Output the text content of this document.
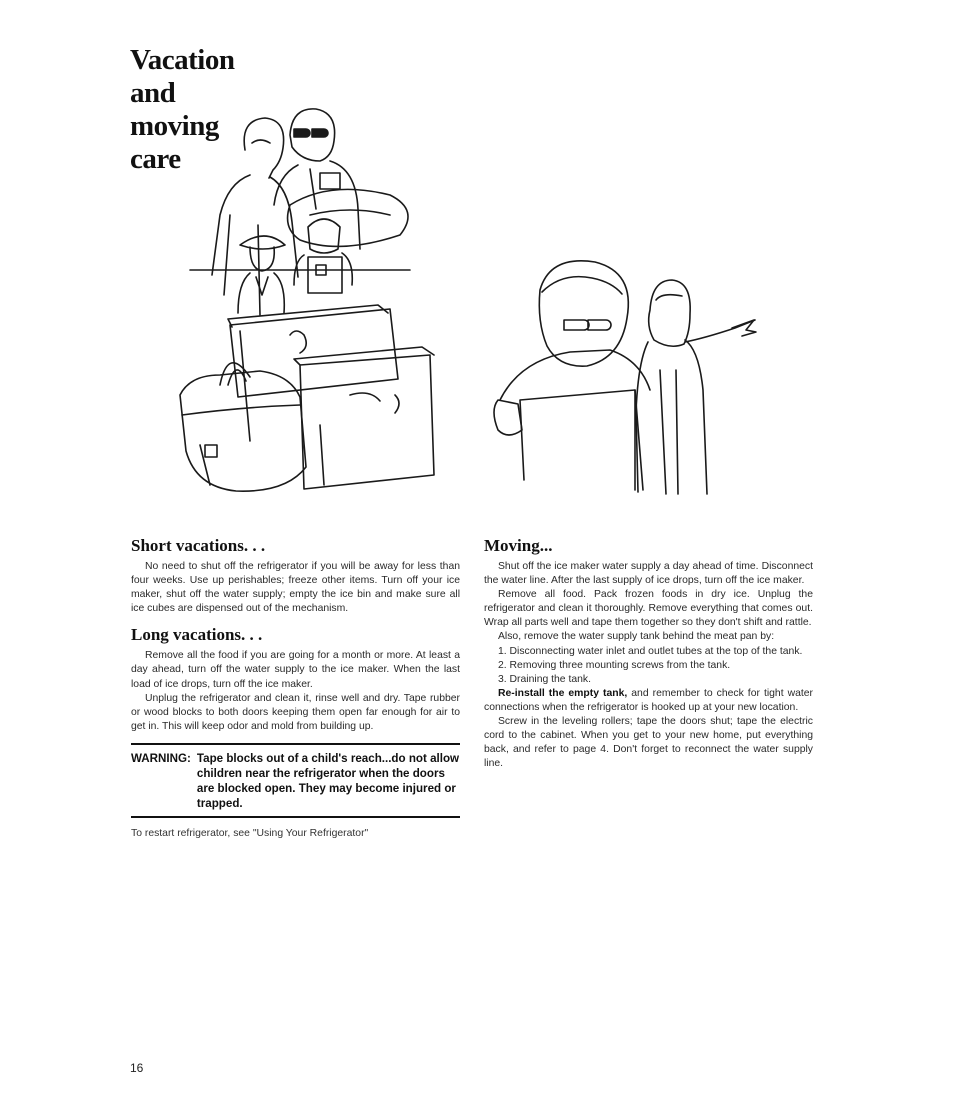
Vacation
and
moving
care
Short vacations. . .

No need to shut off the refrigerator if you will be away for less than four weeks. Use up perishables; freeze other items. Turn off your ice maker, shut off the water supply; empty the ice bin and make sure all ice cubes are dispensed out of the mechanism.

Long vacations. . .

Remove all the food if you are going for a month or more. At least a day ahead, turn off the water supply to the ice maker. When the last load of ice drops, turn off the ice maker.

Unplug the refrigerator and clean it, rinse well and dry. Tape rubber or wood blocks to both doors keeping them open far enough for air to get in. This will keep odor and mold from building up.

WARNING:	Tape blocks out of a child's reach...do not allow children near the refrigerator when the doors are blocked open. They may become injured or trapped.
To restart refrigerator, see "Using Your Refrigerator"
Moving...

Shut off the ice maker water supply a day ahead of time. Disconnect the water line. After the last supply of ice drops, turn off the ice maker.

Remove all food. Pack frozen foods in dry ice. Unplug the refrigerator and clean it thoroughly. Remove everything that comes out. Wrap all parts well and tape them together so they don't shift and rattle.

Also, remove the water supply tank behind the meat pan by:

1. Disconnecting water inlet and outlet tubes at the top of the tank.

2. Removing three mounting screws from the tank.

3. Draining the tank.

Re-install the empty tank, and remember to check for tight water connections when the refrigerator is hooked up at your new location.

Screw in the leveling rollers; tape the doors shut; tape the electric cord to the cabinet. When you get to your new home, put everything back, and refer to page 4. Don't forget to reconnect the water supply line.

16
